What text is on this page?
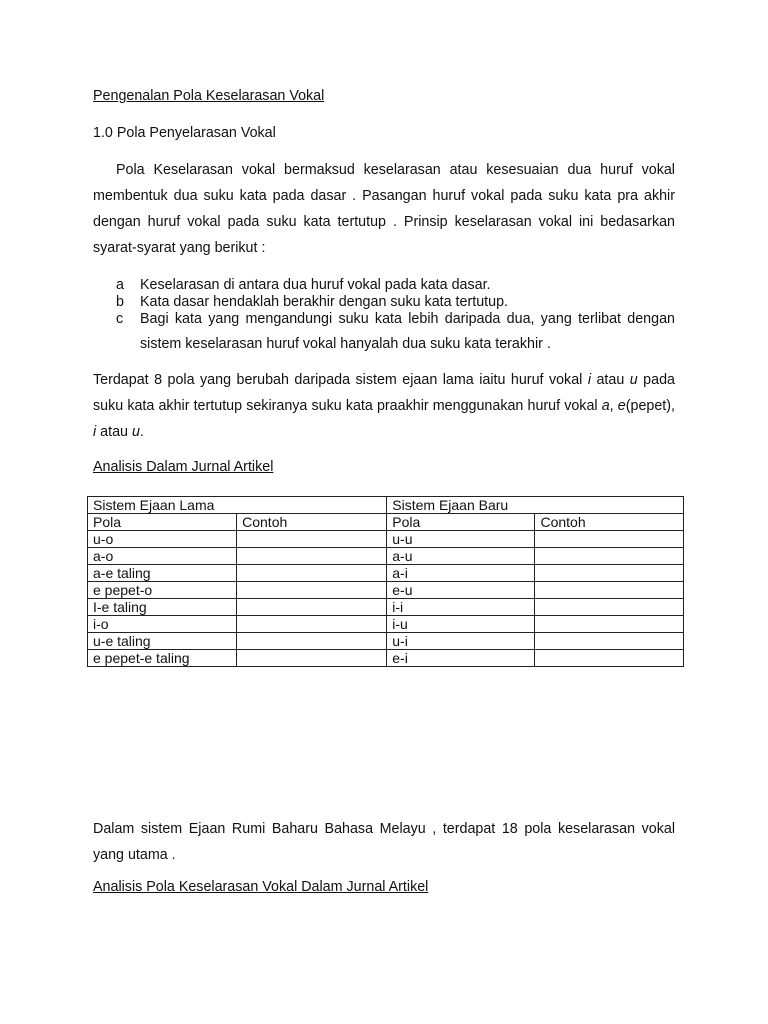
Pengenalan Pola Keselarasan Vokal

1.0 Pola Penyelarasan Vokal

Pola Keselarasan vokal bermaksud keselarasan atau kesesuaian dua huruf vokal membentuk dua suku kata pada dasar . Pasangan huruf vokal pada suku kata pra akhir dengan huruf vokal pada suku kata tertutup . Prinsip keselarasan vokal ini bedasarkan syarat-syarat yang berikut :

a Keselarasan di antara dua huruf vokal pada kata dasar.
b Kata dasar hendaklah berakhir dengan suku kata tertutup.
c Bagi kata yang mengandungi suku kata lebih daripada dua, yang terlibat dengan sistem keselarasan huruf vokal hanyalah dua suku kata terakhir .

Terdapat 8 pola yang berubah daripada sistem ejaan lama iaitu huruf vokal i atau u pada suku kata akhir tertutup sekiranya suku kata praakhir menggunakan huruf vokal a, e(pepet), i atau u.

Analisis Dalam Jurnal Artikel

Sistem Ejaan Lama		Sistem Ejaan Baru	
Pola	Contoh	Pola	Contoh
u-o		u-u	
a-o		a-u	
a-e taling		a-i	
e pepet-o		e-u	
I-e taling		i-i	
i-o		i-u	
u-e taling		u-i	
e pepet-e taling		e-i	

Dalam sistem Ejaan Rumi Baharu Bahasa Melayu , terdapat 18 pola keselarasan vokal yang utama .

Analisis Pola Keselarasan Vokal Dalam Jurnal Artikel
